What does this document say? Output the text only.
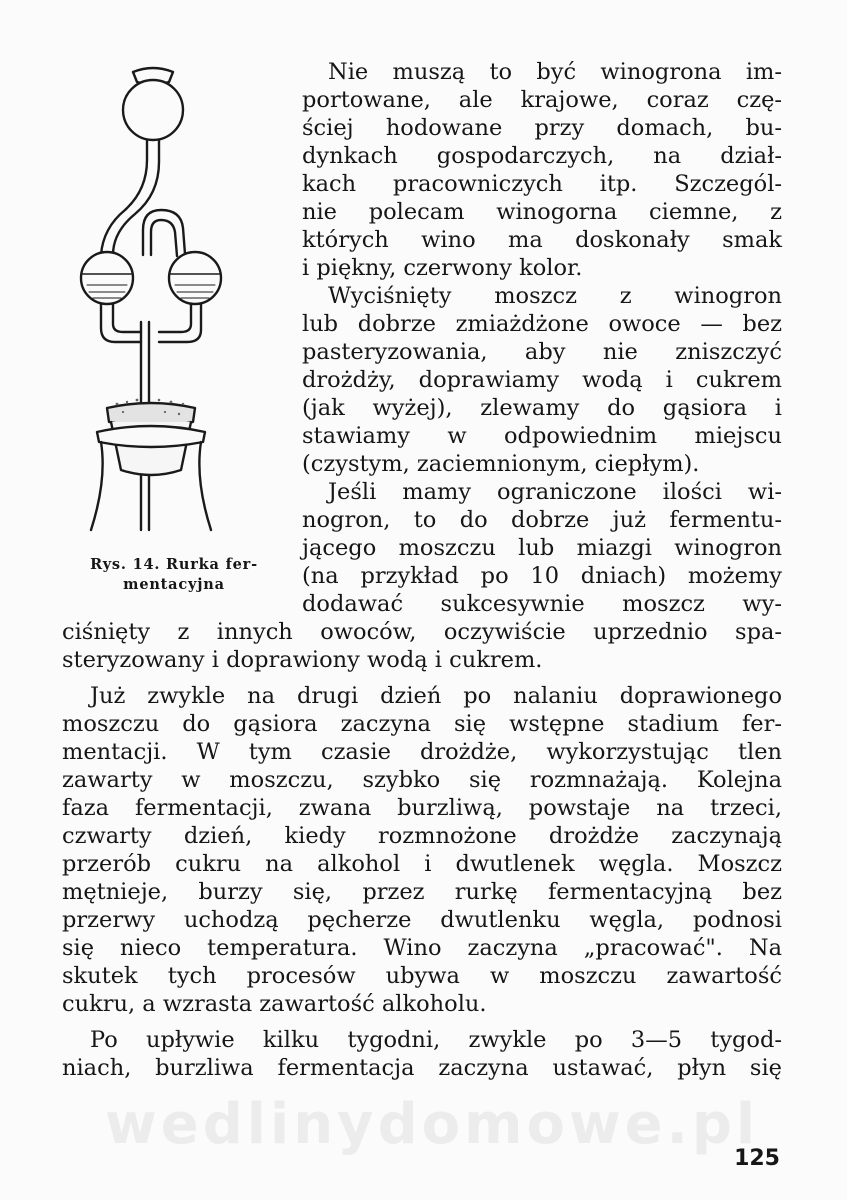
Rys. 14. Rurka fer-
mentacyjna
Nie muszą to być winogrona im-
portowane, ale krajowe, coraz czę-
ściej hodowane przy domach, bu-
dynkach gospodarczych, na dział-
kach pracowniczych itp. Szczegól-
nie polecam winogorna ciemne, z
których wino ma doskonały smak
i piękny, czerwony kolor.
Wyciśnięty moszcz z winogron
lub dobrze zmiażdżone owoce — bez
pasteryzowania, aby nie zniszczyć
drożdży, doprawiamy wodą i cukrem
(jak wyżej), zlewamy do gąsiora i
stawiamy w odpowiednim miejscu
(czystym, zaciemnionym, ciepłym).
Jeśli mamy ograniczone ilości wi-
nogron, to do dobrze już fermentu-
jącego moszczu lub miazgi winogron
(na przykład po 10 dniach) możemy
dodawać sukcesywnie moszcz wy-
ciśnięty z innych owoców, oczywiście uprzednio spa-
steryzowany i doprawiony wodą i cukrem.
Już zwykle na drugi dzień po nalaniu doprawionego
moszczu do gąsiora zaczyna się wstępne stadium fer-
mentacji. W tym czasie drożdże, wykorzystując tlen
zawarty w moszczu, szybko się rozmnażają. Kolejna
faza fermentacji, zwana burzliwą, powstaje na trzeci,
czwarty dzień, kiedy rozmnożone drożdże zaczynają
przerób cukru na alkohol i dwutlenek węgla. Moszcz
mętnieje, burzy się, przez rurkę fermentacyjną bez
przerwy uchodzą pęcherze dwutlenku węgla, podnosi
się nieco temperatura. Wino zaczyna „pracować". Na
skutek tych procesów ubywa w moszczu zawartość
cukru, a wzrasta zawartość alkoholu.
Po upływie kilku tygodni, zwykle po 3—5 tygod-
niach, burzliwa fermentacja zaczyna ustawać, płyn się
wedlinydomowe.pl
125
